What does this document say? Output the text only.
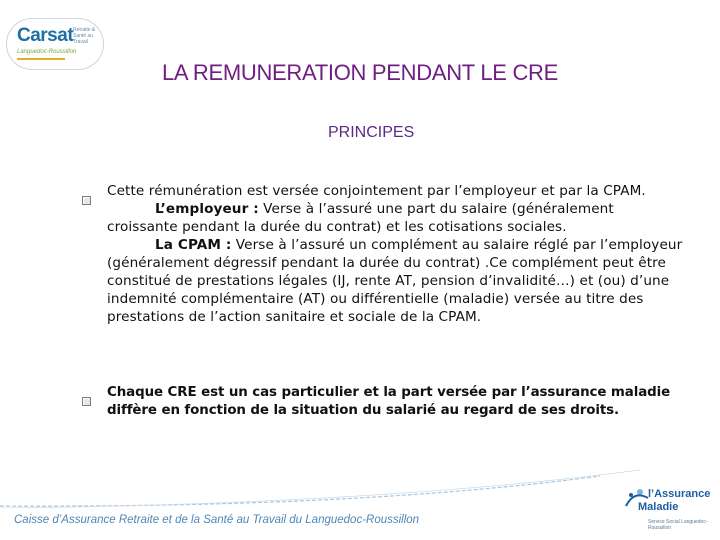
Carsat Retraite & Santé au Travail
Languedoc-Roussillon
LA REMUNERATION PENDANT LE CRE
PRINCIPES
Cette rémunération est versée conjointement par l’employeur et par la CPAM.
L’employeur : Verse à l’assuré une part du salaire (généralement croissante pendant la durée du contrat) et les cotisations sociales.
La CPAM : Verse à l’assuré un complément au salaire réglé par l’employeur (généralement dégressif pendant la durée du contrat) .Ce complément peut être constitué de prestations légales (IJ, rente AT, pension d’invalidité…) et (ou) d’une indemnité complémentaire (AT) ou différentielle (maladie) versée au titre des prestations de l’action sanitaire et sociale de la CPAM.
Chaque CRE est un cas particulier et la part versée par l’assurance maladie diffère en fonction de la situation du salarié au regard de ses droits.
Caisse d’Assurance Retraite et de la Santé au Travail du Languedoc-Roussillon
l’Assurance
Maladie
Service Social Languedoc-Roussillon
